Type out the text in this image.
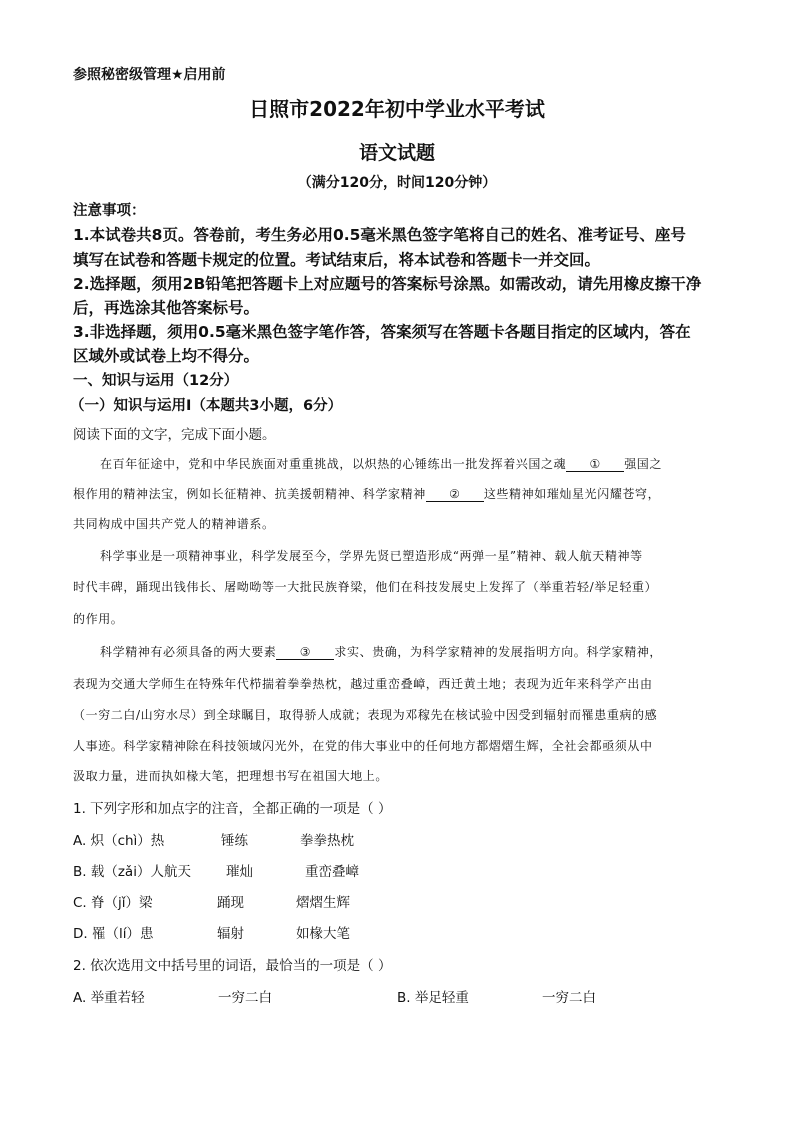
参照秘密级管理★启用前
日照市2022年初中学业水平考试
语文试题
（满分120分，时间120分钟）
注意事项：
1.本试卷共8页。答卷前，考生务必用0.5毫米黑色签字笔将自己的姓名、准考证号、座号
填写在试卷和答题卡规定的位置。考试结束后，将本试卷和答题卡一并交回。
2.选择题，须用2B铅笔把答题卡上对应题号的答案标号涂黑。如需改动，请先用橡皮擦干净
后，再选涂其他答案标号。
3.非选择题，须用0.5毫米黑色签字笔作答，答案须写在答题卡各题目指定的区域内，答在
区域外或试卷上均不得分。
一、知识与运用（12分）
（一）知识与运用Ⅰ（本题共3小题，6分）
阅读下面的文字，完成下面小题。
在百年征途中，党和中华民族面对重重挑战，以炽热的心锤练出一批发挥着兴国之魂 ① 强国之
根作用的精神法宝，例如长征精神、抗美援朝精神、科学家精神 ② 这些精神如璀灿星光闪耀苍穹，
共同构成中国共产党人的精神谱系。
科学事业是一项精神事业，科学发展至今，学界先贤已塑造形成“两弹一星”精神、载人航天精神等
时代丰碑，踊现出钱伟长、屠呦呦等一大批民族脊梁，他们在科技发展史上发挥了（举重若轻/举足轻重）
的作用。
科学精神有必须具备的两大要素 ③ 求实、贵确，为科学家精神的发展指明方向。科学家精神，
表现为交通大学师生在特殊年代栉揣着拳拳热枕，越过重峦叠嶂，西迁黄土地；表现为近年来科学产出由
（一穷二白/山穷水尽）到全球瞩目，取得骄人成就；表现为邓稼先在核试验中因受到辐射而罹患重病的感
人事迹。科学家精神除在科技领域闪光外，在党的伟大事业中的任何地方都熠熠生辉，全社会都亟须从中
汲取力量，进而执如椽大笔，把理想书写在祖国大地上。
1. 下列字形和加点字的注音，全都正确的一项是（ ）
A. 炽（chì）热	锤练	拳拳热枕
B. 载（zǎi）人航天	璀灿	重峦叠嶂
C. 脊（jǐ）梁	踊现	熠熠生辉
D. 罹（lí）患	辐射	如椽大笔
2. 依次选用文中括号里的词语，最恰当的一项是（ ）
A. 举重若轻	一穷二白	B. 举足轻重	一穷二白
